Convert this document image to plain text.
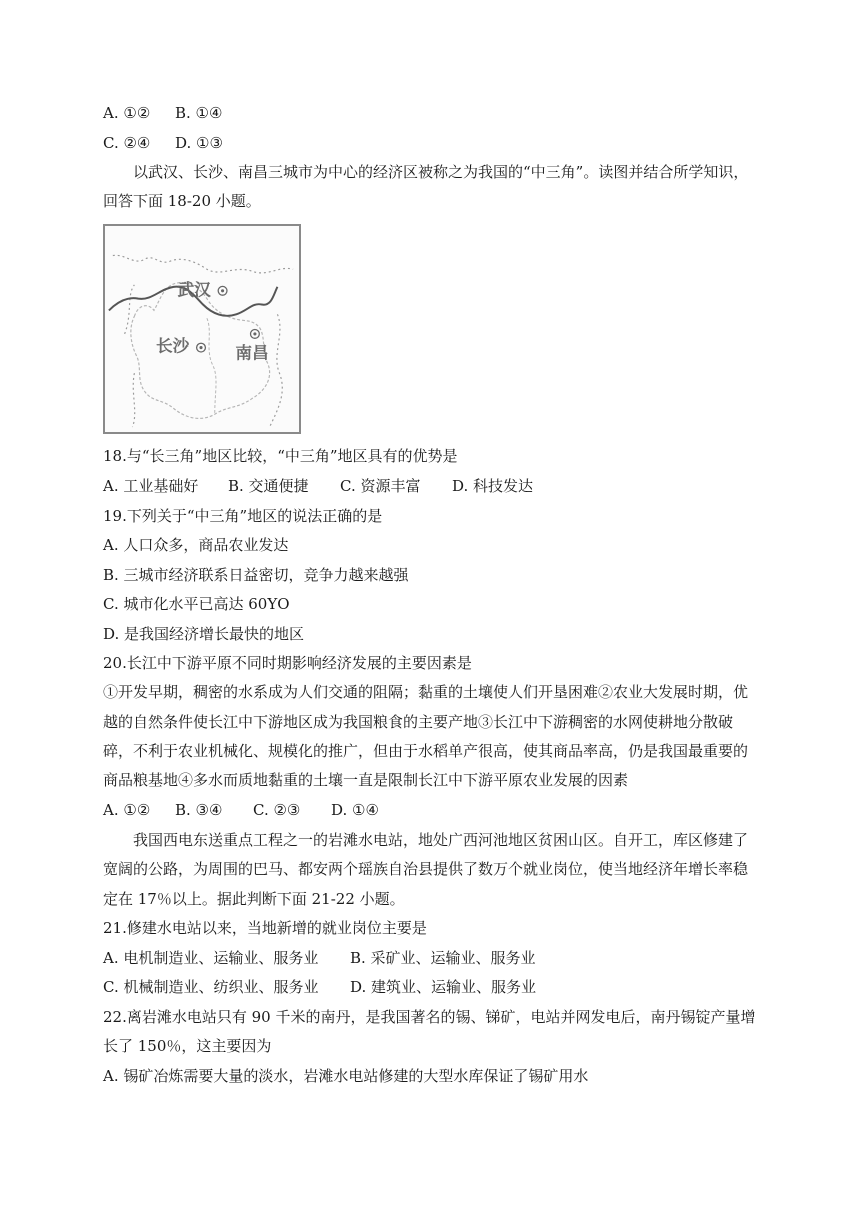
A. ①② B. ①④
C. ②④ D. ①③
以武汉、长沙、南昌三城市为中心的经济区被称之为我国的“中三角”。读图并结合所学知识，
回答下面 18-20 小题。
武汉
长沙	南昌
18.与“长三角”地区比较，“中三角”地区具有的优势是
A. 工业基础好 B. 交通便捷 C. 资源丰富 D. 科技发达
19.下列关于“中三角”地区的说法正确的是
A. 人口众多，商品农业发达
B. 三城市经济联系日益密切，竞争力越来越强
C. 城市化水平已高达 60YO
D. 是我国经济增长最快的地区
20.长江中下游平原不同时期影响经济发展的主要因素是
①开发早期，稠密的水系成为人们交通的阻隔；黏重的土壤使人们开垦困难②农业大发展时期，优
越的自然条件使长江中下游地区成为我国粮食的主要产地③长江中下游稠密的水网使耕地分散破
碎，不利于农业机械化、规模化的推广，但由于水稻单产很高，使其商品率高，仍是我国最重要的
商品粮基地④多水而质地黏重的土壤一直是限制长江中下游平原农业发展的因素
A. ①② B. ③④ C. ②③ D. ①④
我国西电东送重点工程之一的岩滩水电站，地处广西河池地区贫困山区。自开工，库区修建了
宽阔的公路，为周围的巴马、都安两个瑶族自治县提供了数万个就业岗位，使当地经济年增长率稳
定在 17％以上。据此判断下面 21-22 小题。
21.修建水电站以来，当地新增的就业岗位主要是
A. 电机制造业、运输业、服务业 B. 采矿业、运输业、服务业
C. 机械制造业、纺织业、服务业 D. 建筑业、运输业、服务业
22.离岩滩水电站只有 90 千米的南丹，是我国著名的锡、锑矿，电站并网发电后，南丹锡锭产量增
长了 150％，这主要因为
A. 锡矿冶炼需要大量的淡水，岩滩水电站修建的大型水库保证了锡矿用水
